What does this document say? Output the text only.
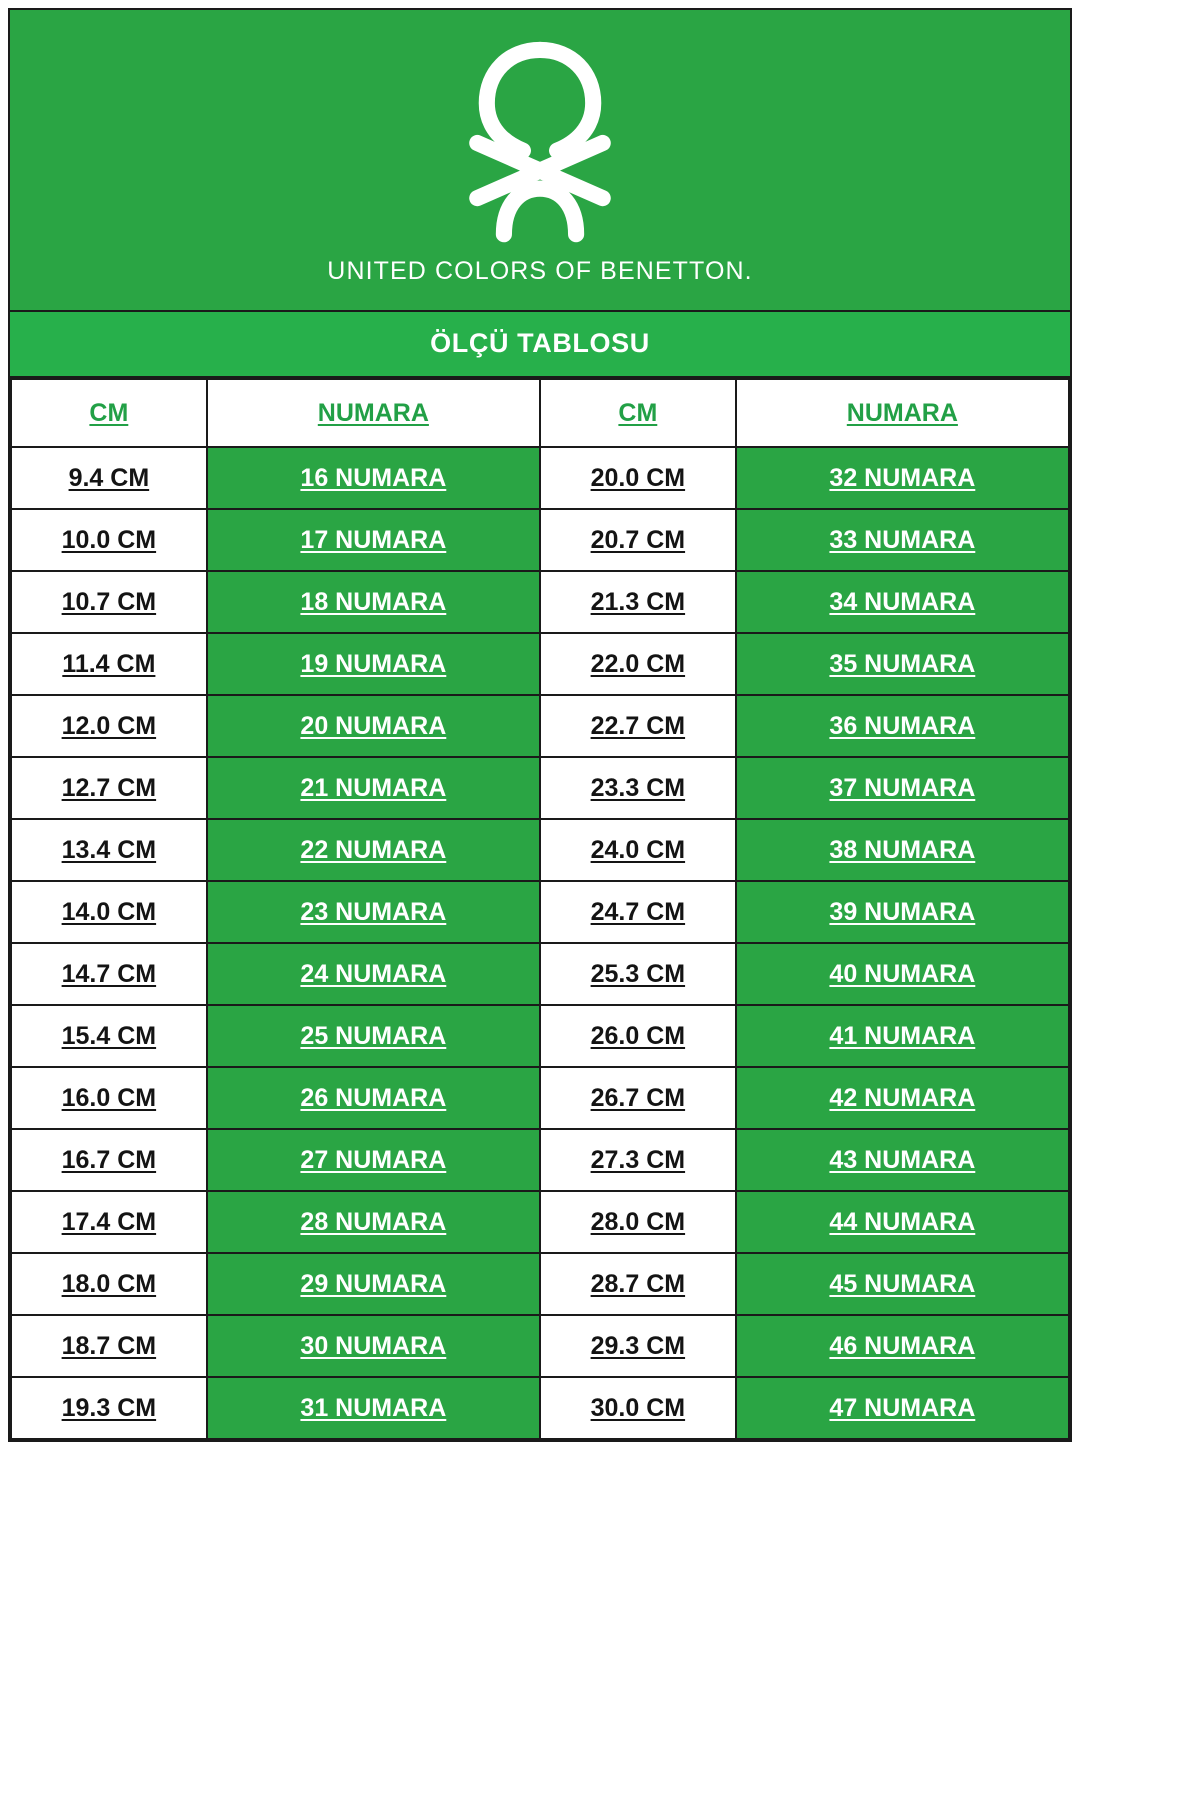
UNITED COLORS OF BENETTON.
ÖLÇÜ TABLOSU
CM	NUMARA	CM	NUMARA
9.4 CM	16 NUMARA	20.0 CM	32 NUMARA
10.0 CM	17 NUMARA	20.7 CM	33 NUMARA
10.7 CM	18 NUMARA	21.3 CM	34 NUMARA
11.4 CM	19 NUMARA	22.0 CM	35 NUMARA
12.0 CM	20 NUMARA	22.7 CM	36 NUMARA
12.7 CM	21 NUMARA	23.3 CM	37 NUMARA
13.4 CM	22 NUMARA	24.0 CM	38 NUMARA
14.0 CM	23 NUMARA	24.7 CM	39 NUMARA
14.7 CM	24 NUMARA	25.3 CM	40 NUMARA
15.4 CM	25 NUMARA	26.0 CM	41 NUMARA
16.0 CM	26 NUMARA	26.7 CM	42 NUMARA
16.7 CM	27 NUMARA	27.3 CM	43 NUMARA
17.4 CM	28 NUMARA	28.0 CM	44 NUMARA
18.0 CM	29 NUMARA	28.7 CM	45 NUMARA
18.7 CM	30 NUMARA	29.3 CM	46 NUMARA
19.3 CM	31 NUMARA	30.0 CM	47 NUMARA
